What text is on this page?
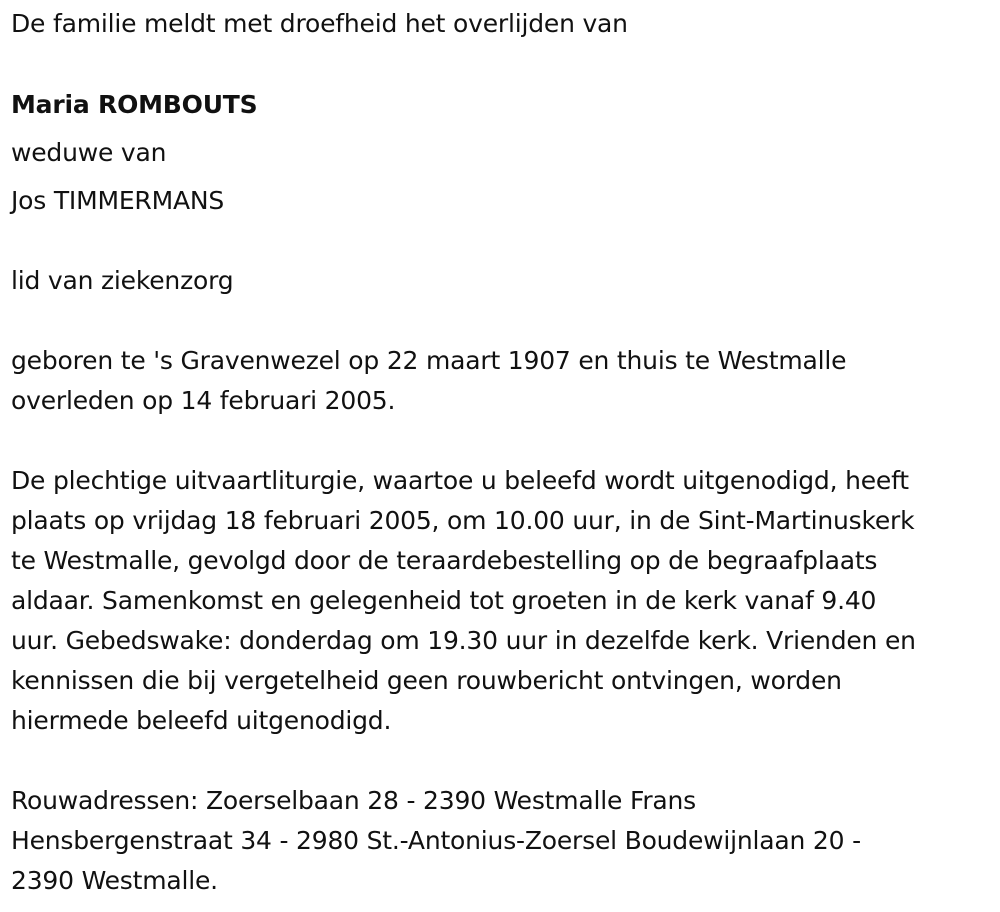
De familie meldt met droefheid het overlijden van
Maria ROMBOUTS
weduwe van
Jos TIMMERMANS
lid van ziekenzorg
geboren te 's Gravenwezel op 22 maart 1907 en thuis te Westmalle
overleden op 14 februari 2005.
De plechtige uitvaartliturgie, waartoe u beleefd wordt uitgenodigd, heeft
plaats op vrijdag 18 februari 2005, om 10.00 uur, in de Sint-Martinuskerk
te Westmalle, gevolgd door de teraardebestelling op de begraafplaats
aldaar. Samenkomst en gelegenheid tot groeten in de kerk vanaf 9.40
uur. Gebedswake: donderdag om 19.30 uur in dezelfde kerk. Vrienden en
kennissen die bij vergetelheid geen rouwbericht ontvingen, worden
hiermede beleefd uitgenodigd.
Rouwadressen: Zoerselbaan 28 - 2390 Westmalle Frans
Hensbergenstraat 34 - 2980 St.-Antonius-Zoersel Boudewijnlaan 20 -
2390 Westmalle.
